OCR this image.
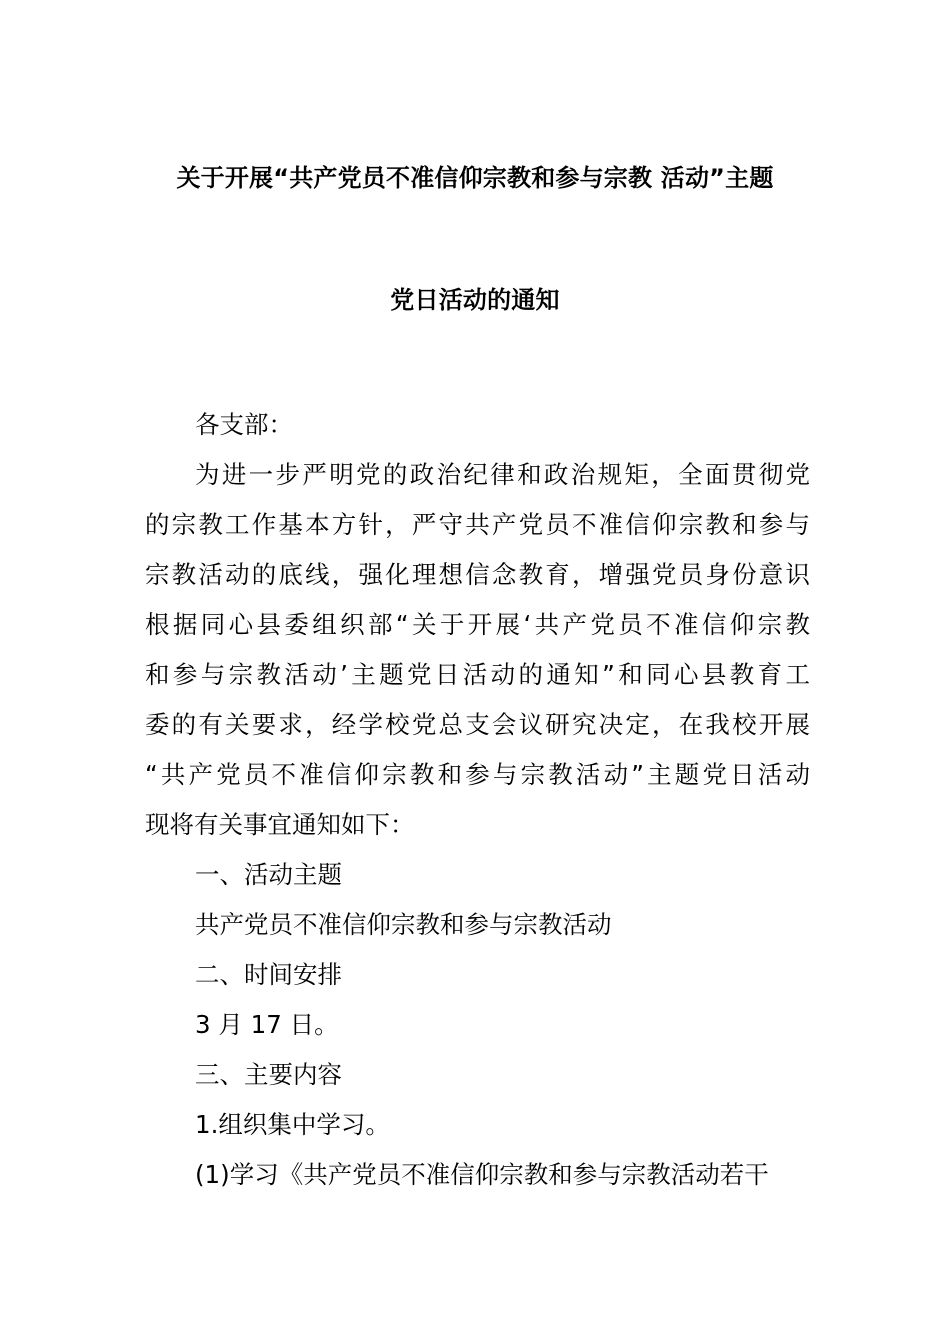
关于开展“共产党员不准信仰宗教和参与宗教 活动”主题
党日活动的通知
各支部：
为进一步严明党的政治纪律和政治规矩，全面贯彻党
的宗教工作基本方针，严守共产党员不准信仰宗教和参与
宗教活动的底线，强化理想信念教育，增强党员身份意识
根据同心县委组织部“关于开展‘共产党员不准信仰宗教
和参与宗教活动’主题党日活动的通知”和同心县教育工
委的有关要求，经学校党总支会议研究决定，在我校开展
“共产党员不准信仰宗教和参与宗教活动”主题党日活动
现将有关事宜通知如下：
一、活动主题
共产党员不准信仰宗教和参与宗教活动
二、时间安排
3 月 17 日。
三、主要内容
1.组织集中学习。
(1)学习《共产党员不准信仰宗教和参与宗教活动若干
